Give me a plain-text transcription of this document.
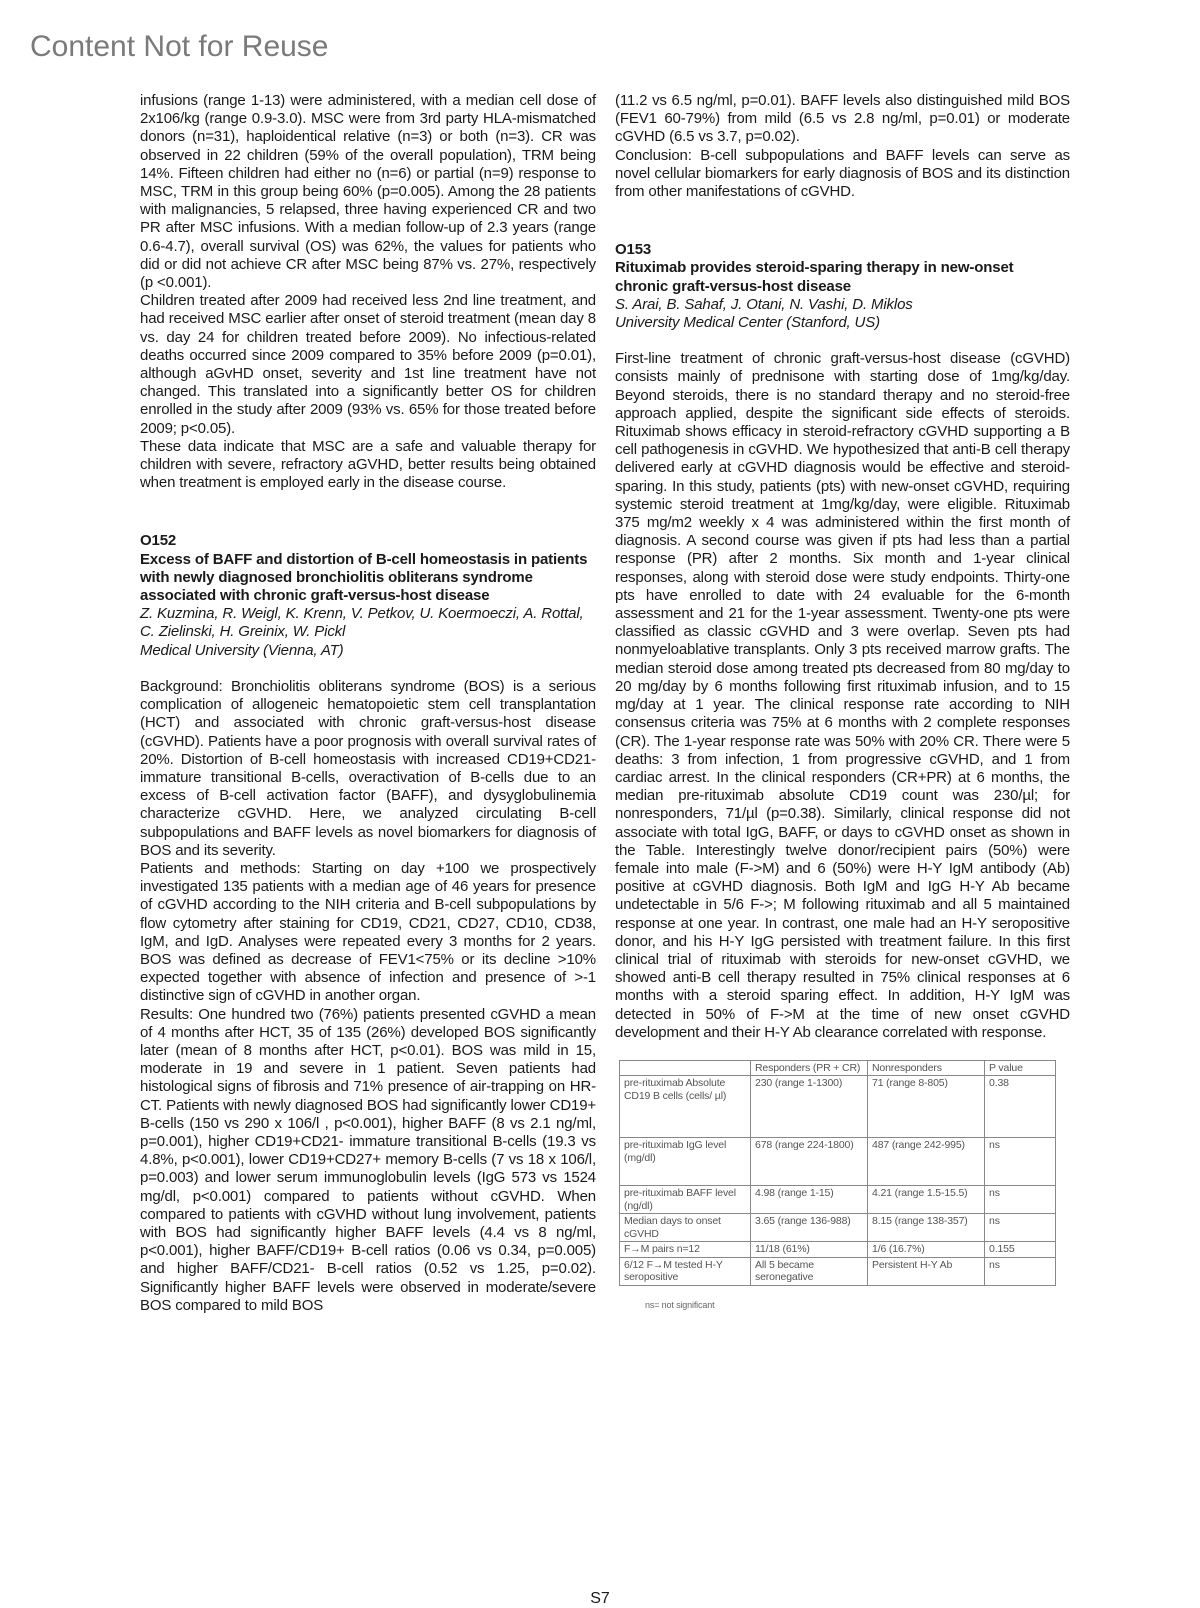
Content Not for Reuse

infusions (range 1-13) were administered, with a median cell dose of 2x106/kg (range 0.9-3.0). MSC were from 3rd party HLA-mismatched donors (n=31), haploidentical relative (n=3) or both (n=3). CR was observed in 22 children (59% of the overall population), TRM being 14%. Fifteen children had either no (n=6) or partial (n=9) response to MSC, TRM in this group being 60% (p=0.005). Among the 28 patients with malignancies, 5 relapsed, three having experienced CR and two PR after MSC infusions. With a median follow-up of 2.3 years (range 0.6-4.7), overall survival (OS) was 62%, the values for patients who did or did not achieve CR after MSC being 87% vs. 27%, respectively (p <0.001).

Children treated after 2009 had received less 2nd line treatment, and had received MSC earlier after onset of steroid treatment (mean day 8 vs. day 24 for children treated before 2009). No infectious-related deaths occurred since 2009 compared to 35% before 2009 (p=0.01), although aGvHD onset, severity and 1st line treatment have not changed. This translated into a significantly better OS for children enrolled in the study after 2009 (93% vs. 65% for those treated before 2009; p<0.05).

These data indicate that MSC are a safe and valuable therapy for children with severe, refractory aGVHD, better results being obtained when treatment is employed early in the disease course.

O152

Excess of BAFF and distortion of B-cell homeostasis in patients with newly diagnosed bronchiolitis obliterans syndrome associated with chronic graft-versus-host disease

Z. Kuzmina, R. Weigl, K. Krenn, V. Petkov, U. Koermoeczi, A. Rottal, C. Zielinski, H. Greinix, W. Pickl

Medical University (Vienna, AT)

Background: Bronchiolitis obliterans syndrome (BOS) is a serious complication of allogeneic hematopoietic stem cell transplantation (HCT) and associated with chronic graft-versus-host disease (cGVHD). Patients have a poor prognosis with overall survival rates of 20%. Distortion of B-cell homeostasis with increased CD19+CD21- immature transitional B-cells, overactivation of B-cells due to an excess of B-cell activation factor (BAFF), and dysyglobulinemia characterize cGVHD. Here, we analyzed circulating B-cell subpopulations and BAFF levels as novel biomarkers for diagnosis of BOS and its severity.

Patients and methods: Starting on day +100 we prospectively investigated 135 patients with a median age of 46 years for presence of cGVHD according to the NIH criteria and B-cell subpopulations by flow cytometry after staining for CD19, CD21, CD27, CD10, CD38, IgM, and IgD. Analyses were repeated every 3 months for 2 years. BOS was defined as decrease of FEV1<75% or its decline >10% expected together with absence of infection and presence of >-1 distinctive sign of cGVHD in another organ.

Results: One hundred two (76%) patients presented cGVHD a mean of 4 months after HCT, 35 of 135 (26%) developed BOS significantly later (mean of 8 months after HCT, p<0.01). BOS was mild in 15, moderate in 19 and severe in 1 patient. Seven patients had histological signs of fibrosis and 71% presence of air-trapping on HR-CT. Patients with newly diagnosed BOS had significantly lower CD19+ B-cells (150 vs 290 x 106/l , p<0.001), higher BAFF (8 vs 2.1 ng/ml, p=0.001), higher CD19+CD21- immature transitional B-cells (19.3 vs 4.8%, p<0.001), lower CD19+CD27+ memory B-cells (7 vs 18 x 106/l, p=0.003) and lower serum immunoglobulin levels (IgG 573 vs 1524 mg/dl, p<0.001) compared to patients without cGVHD. When compared to patients with cGVHD without lung involvement, patients with BOS had significantly higher BAFF levels (4.4 vs 8 ng/ml, p<0.001), higher BAFF/CD19+ B-cell ratios (0.06 vs 0.34, p=0.005) and higher BAFF/CD21- B-cell ratios (0.52 vs 1.25, p=0.02). Significantly higher BAFF levels were observed in moderate/severe BOS compared to mild BOS

(11.2 vs 6.5 ng/ml, p=0.01). BAFF levels also distinguished mild BOS (FEV1 60-79%) from mild (6.5 vs 2.8 ng/ml, p=0.01) or moderate cGVHD (6.5 vs 3.7, p=0.02).

Conclusion: B-cell subpopulations and BAFF levels can serve as novel cellular biomarkers for early diagnosis of BOS and its distinction from other manifestations of cGVHD.

O153

Rituximab provides steroid-sparing therapy in new-onset chronic graft-versus-host disease

S. Arai, B. Sahaf, J. Otani, N. Vashi, D. Miklos

University Medical Center (Stanford, US)

First-line treatment of chronic graft-versus-host disease (cGVHD) consists mainly of prednisone with starting dose of 1mg/kg/day. Beyond steroids, there is no standard therapy and no steroid-free approach applied, despite the significant side effects of steroids. Rituximab shows efficacy in steroid-refractory cGVHD supporting a B cell pathogenesis in cGVHD. We hypothesized that anti-B cell therapy delivered early at cGVHD diagnosis would be effective and steroid-sparing. In this study, patients (pts) with new-onset cGVHD, requiring systemic steroid treatment at 1mg/kg/day, were eligible. Rituximab 375 mg/m2 weekly x 4 was administered within the first month of diagnosis. A second course was given if pts had less than a partial response (PR) after 2 months. Six month and 1-year clinical responses, along with steroid dose were study endpoints. Thirty-one pts have enrolled to date with 24 evaluable for the 6-month assessment and 21 for the 1-year assessment. Twenty-one pts were classified as classic cGVHD and 3 were overlap. Seven pts had nonmyeloablative transplants. Only 3 pts received marrow grafts. The median steroid dose among treated pts decreased from 80 mg/day to 20 mg/day by 6 months following first rituximab infusion, and to 15 mg/day at 1 year. The clinical response rate according to NIH consensus criteria was 75% at 6 months with 2 complete responses (CR). The 1-year response rate was 50% with 20% CR. There were 5 deaths: 3 from infection, 1 from progressive cGVHD, and 1 from cardiac arrest. In the clinical responders (CR+PR) at 6 months, the median pre-rituximab absolute CD19 count was 230/µl; for nonresponders, 71/µl (p=0.38). Similarly, clinical response did not associate with total IgG, BAFF, or days to cGVHD onset as shown in the Table. Interestingly twelve donor/recipient pairs (50%) were female into male (F->M) and 6 (50%) were H-Y IgM antibody (Ab) positive at cGVHD diagnosis. Both IgM and IgG H-Y Ab became undetectable in 5/6 F->; M following rituximab and all 5 maintained response at one year. In contrast, one male had an H-Y seropositive donor, and his H-Y IgG persisted with treatment failure. In this first clinical trial of rituximab with steroids for new-onset cGVHD, we showed anti-B cell therapy resulted in 75% clinical responses at 6 months with a steroid sparing effect. In addition, H-Y IgM was detected in 50% of F->M at the time of new onset cGVHD development and their H-Y Ab clearance correlated with response.

	Responders (PR + CR)	Nonresponders	P value
pre-rituximab Absolute CD19 B cells (cells/ µl)	230 (range 1-1300)	71 (range 8-805)	0.38
pre-rituximab IgG level (mg/dl)	678 (range 224-1800)	487 (range 242-995)	ns
pre-rituximab BAFF level (ng/dl)	4.98 (range 1-15)	4.21 (range 1.5-15.5)	ns
Median days to onset cGVHD	3.65 (range 136-988)	8.15 (range 138-357)	ns
F→M pairs n=12	11/18 (61%)	1/6 (16.7%)	0.155
6/12 F→M tested H-Y seropositive	All 5 became seronegative	Persistent H-Y Ab	ns
ns= not significant
S7
